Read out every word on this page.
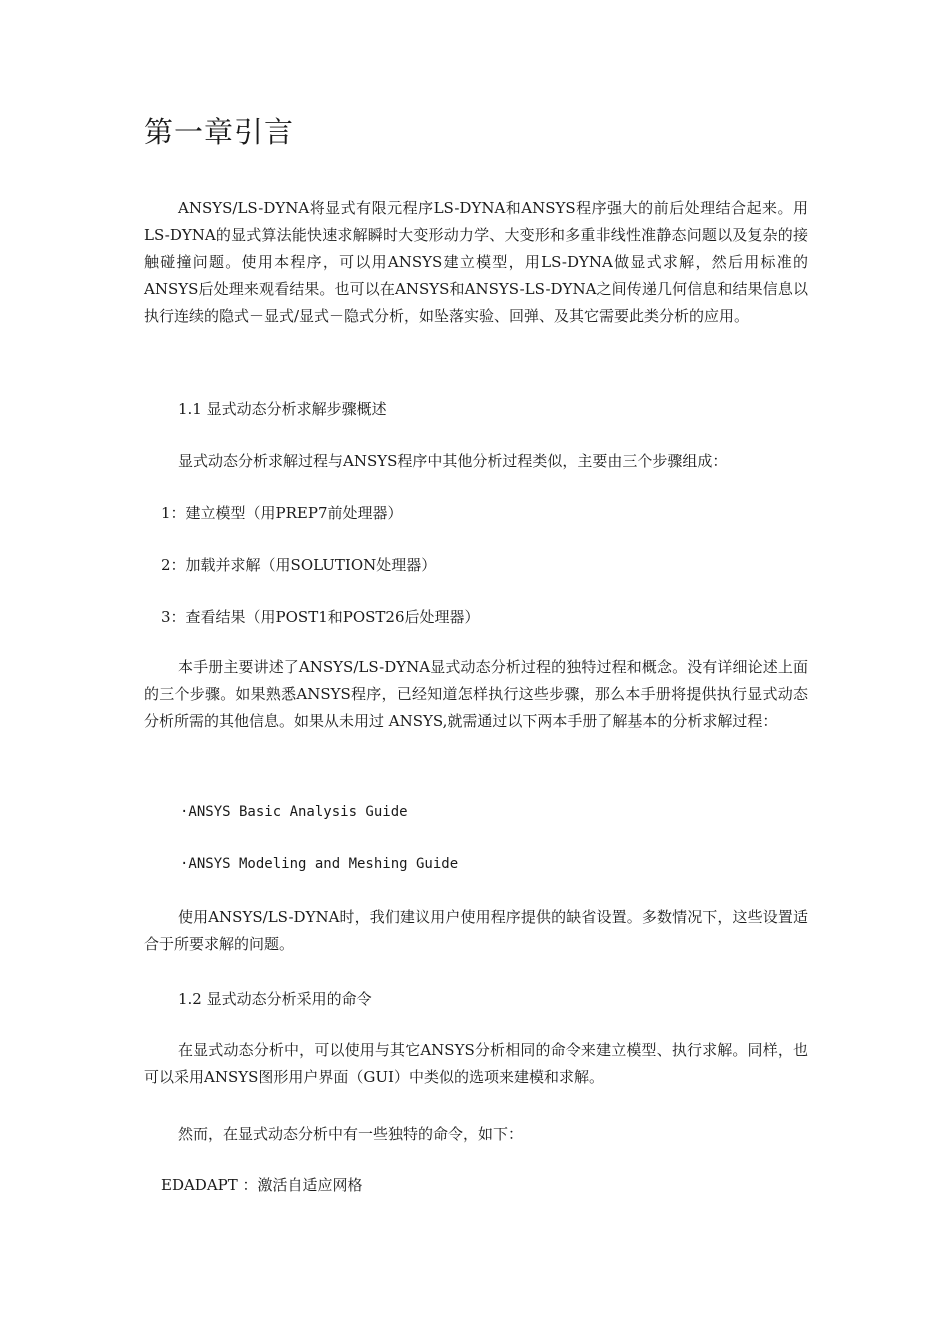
第一章引言

ANSYS/LS-DYNA将显式有限元程序LS-DYNA和ANSYS程序强大的前后处理结合起来。用LS-DYNA的显式算法能快速求解瞬时大变形动力学、大变形和多重非线性准静态问题以及复杂的接触碰撞问题。使用本程序，可以用ANSYS建立模型，用LS-DYNA做显式求解，然后用标准的ANSYS后处理来观看结果。也可以在ANSYS和ANSYS-LS-DYNA之间传递几何信息和结果信息以执行连续的隐式－显式/显式－隐式分析，如坠落实验、回弹、及其它需要此类分析的应用。

1.1 显式动态分析求解步骤概述

显式动态分析求解过程与ANSYS程序中其他分析过程类似，主要由三个步骤组成：

1：建立模型（用PREP7前处理器）

2：加载并求解（用SOLUTION处理器）

3：查看结果（用POST1和POST26后处理器）

本手册主要讲述了ANSYS/LS-DYNA显式动态分析过程的独特过程和概念。没有详细论述上面的三个步骤。如果熟悉ANSYS程序，已经知道怎样执行这些步骤，那么本手册将提供执行显式动态分析所需的其他信息。如果从未用过 ANSYS,就需通过以下两本手册了解基本的分析求解过程：

·ANSYS Basic Analysis Guide

·ANSYS Modeling and Meshing Guide

使用ANSYS/LS-DYNA时，我们建议用户使用程序提供的缺省设置。多数情况下，这些设置适合于所要求解的问题。

1.2 显式动态分析采用的命令

在显式动态分析中，可以使用与其它ANSYS分析相同的命令来建立模型、执行求解。同样，也可以采用ANSYS图形用户界面（GUI）中类似的选项来建模和求解。

然而，在显式动态分析中有一些独特的命令，如下：

EDADAPT ：激活自适应网格
